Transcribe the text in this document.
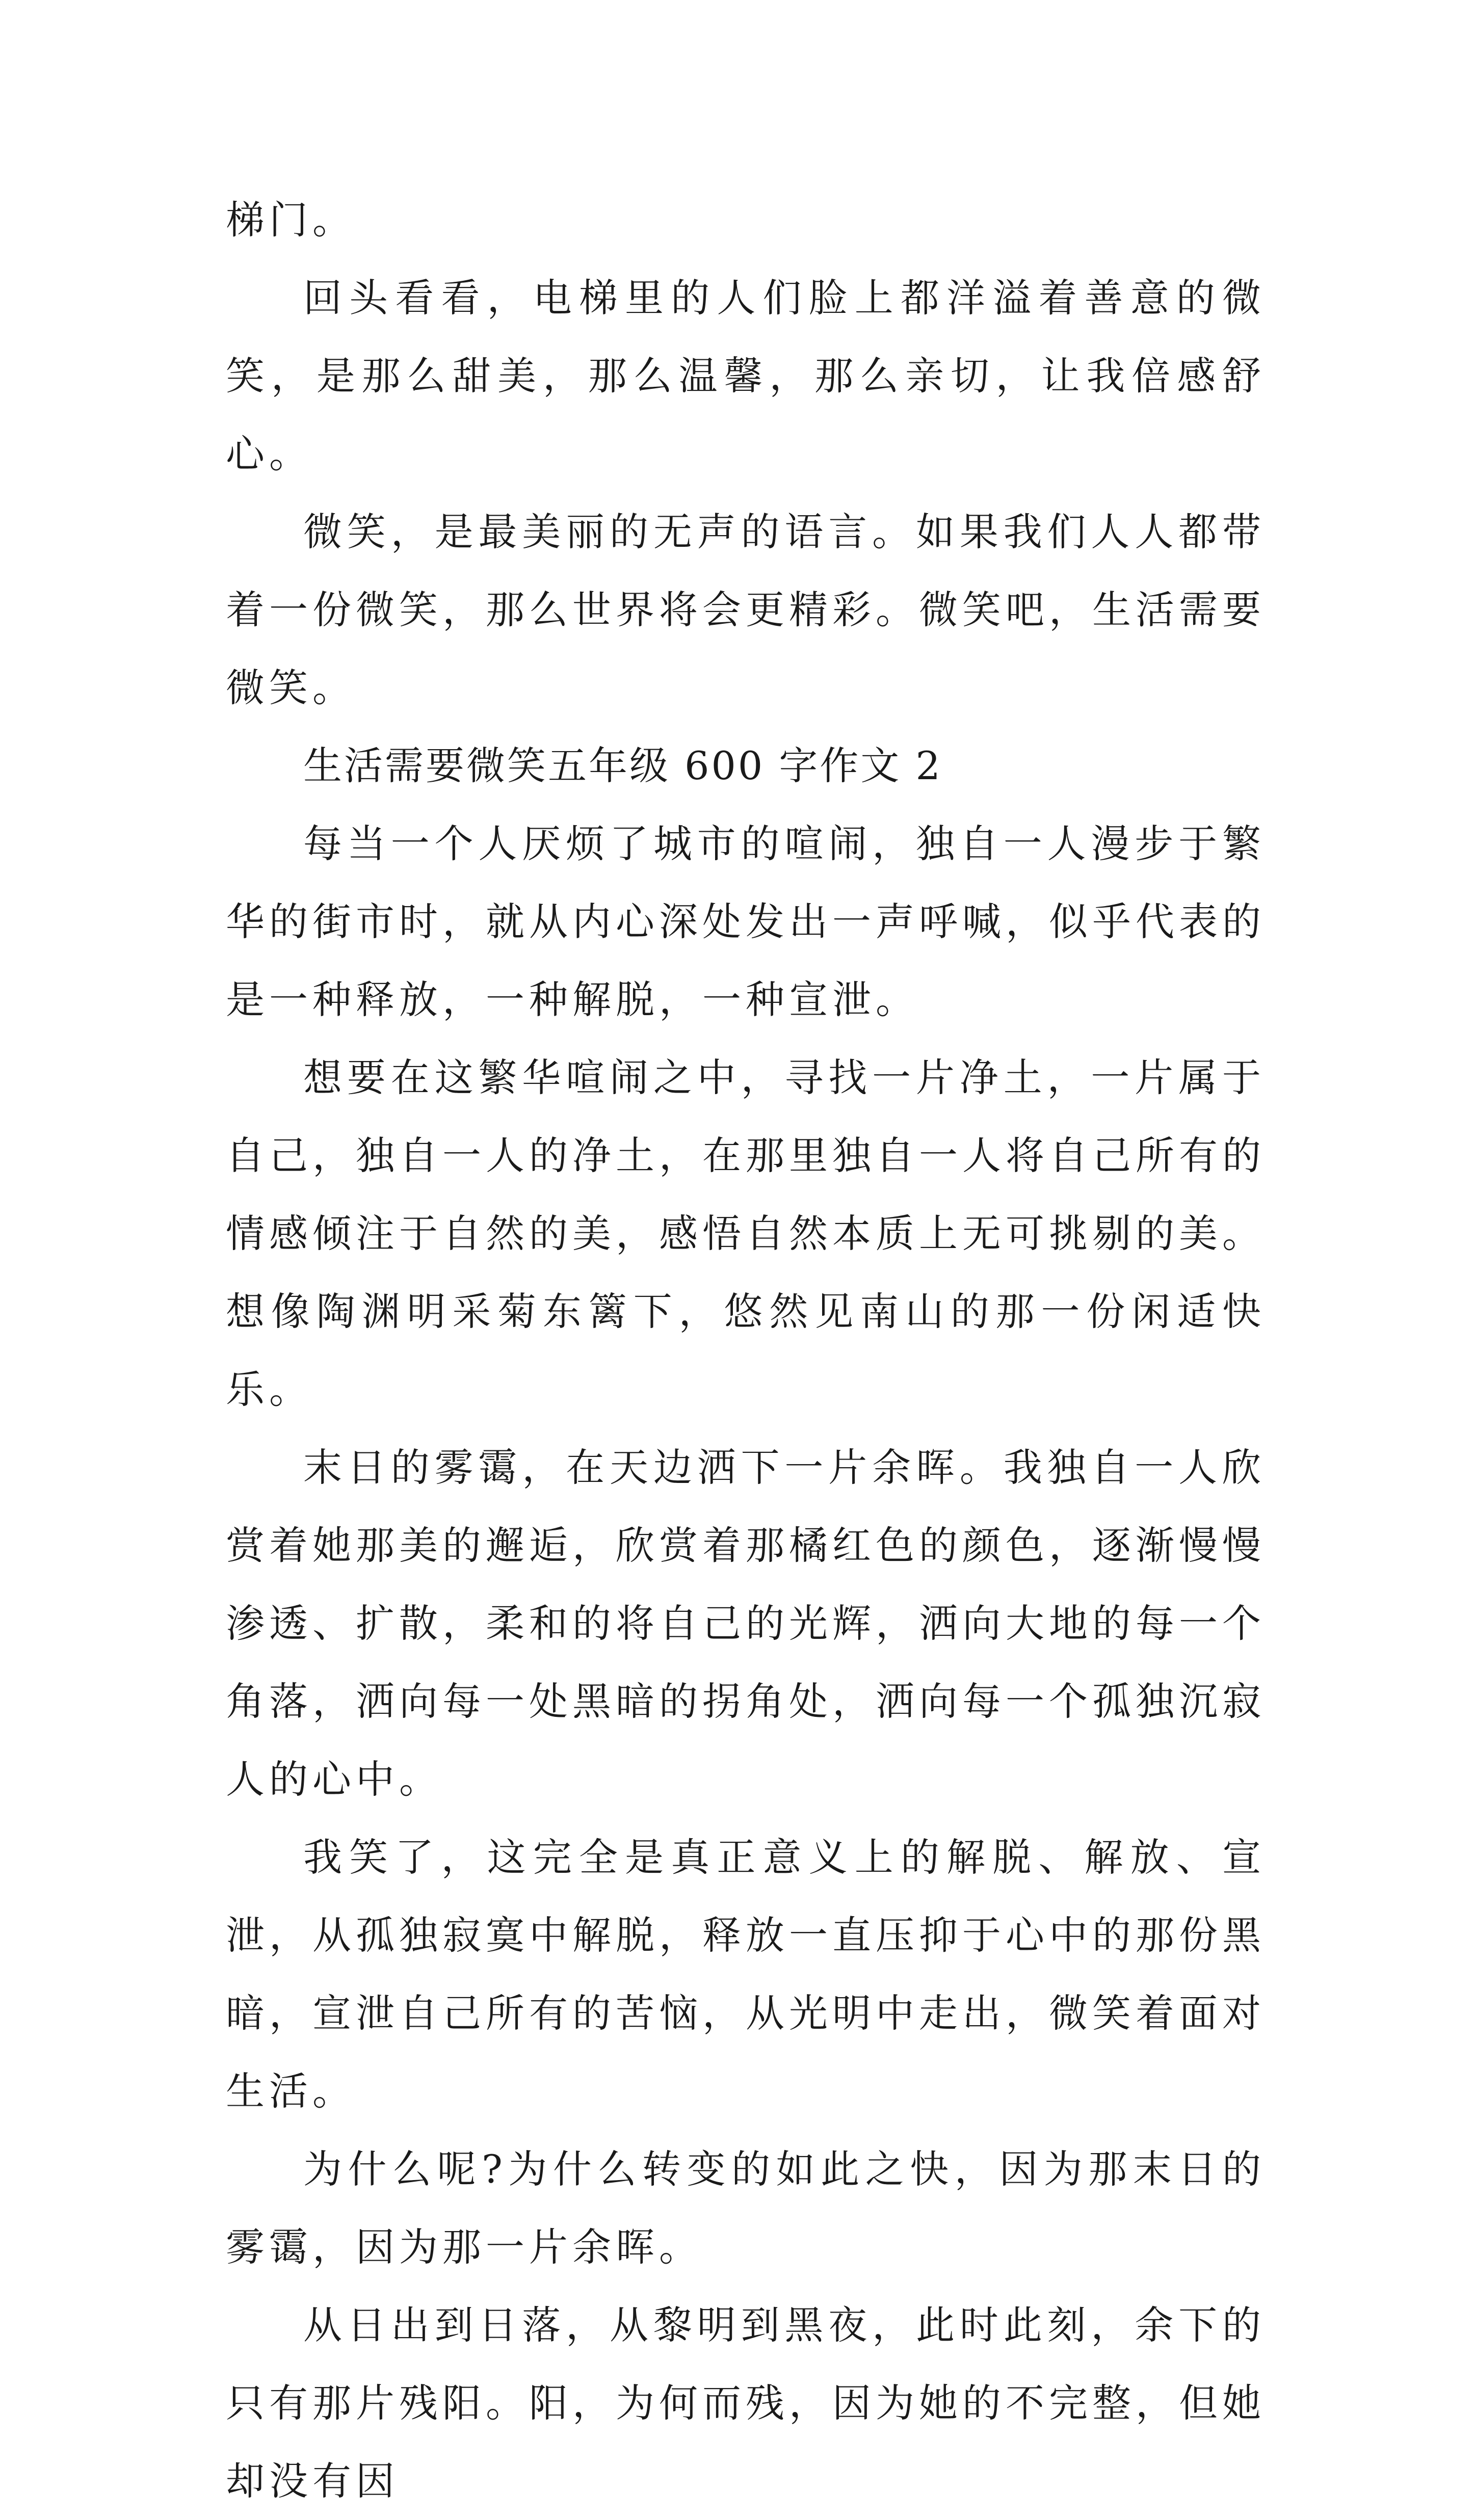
梯门。

回头看看，电梯里的人们脸上都洋溢着善意的微笑，是那么甜美，那么温馨，那么亲切，让我倍感舒心。

微笑，是最美丽的无声的语言。如果我们人人都带着一份微笑，那么世界将会更精彩。微笑吧，生活需要微笑。

生活需要微笑五年级 600 字作文 2

每当一个人厌烦了城市的喧闹，独自一人漫步于繁华的街市时，就从内心深处发出一声呼喊，似乎代表的是一种释放，一种解脱，一种宣泄。

想要在这繁华喧闹之中，寻找一片净土，一片属于自己，独自一人的净土，在那里独自一人将自己所有的情感倾注于自然的美，感悟自然本质上无可挑剔的美。想像陶渊明采菊东篱下，悠然见南山的那一份闲适快乐。

末日的雾霭，在天边洒下一片余晖。我独自一人欣赏着她那美的邂逅，欣赏着那橘红色的颜色，逐渐慢慢渗透、扩散，柔和的将自己的光辉，洒向大地的每一个角落，洒向每一处黑暗的拐角处，洒向每一个孤独沉寂人的心中。

我笑了，这完全是真正意义上的解脱、解放、宣泄，从孤独寂寞中解脱，释放一直压抑于心中的那份黑暗，宣泄自己所有的苦恼，从光明中走出，微笑着面对生活。

为什么呢?为什么转变的如此之快，因为那末日的雾霭，因为那一片余晖。

从日出到日落，从黎明到黑夜，此时此刻，余下的只有那片残阳。阳，为何而残，因为她的不完整，但她却没有因
